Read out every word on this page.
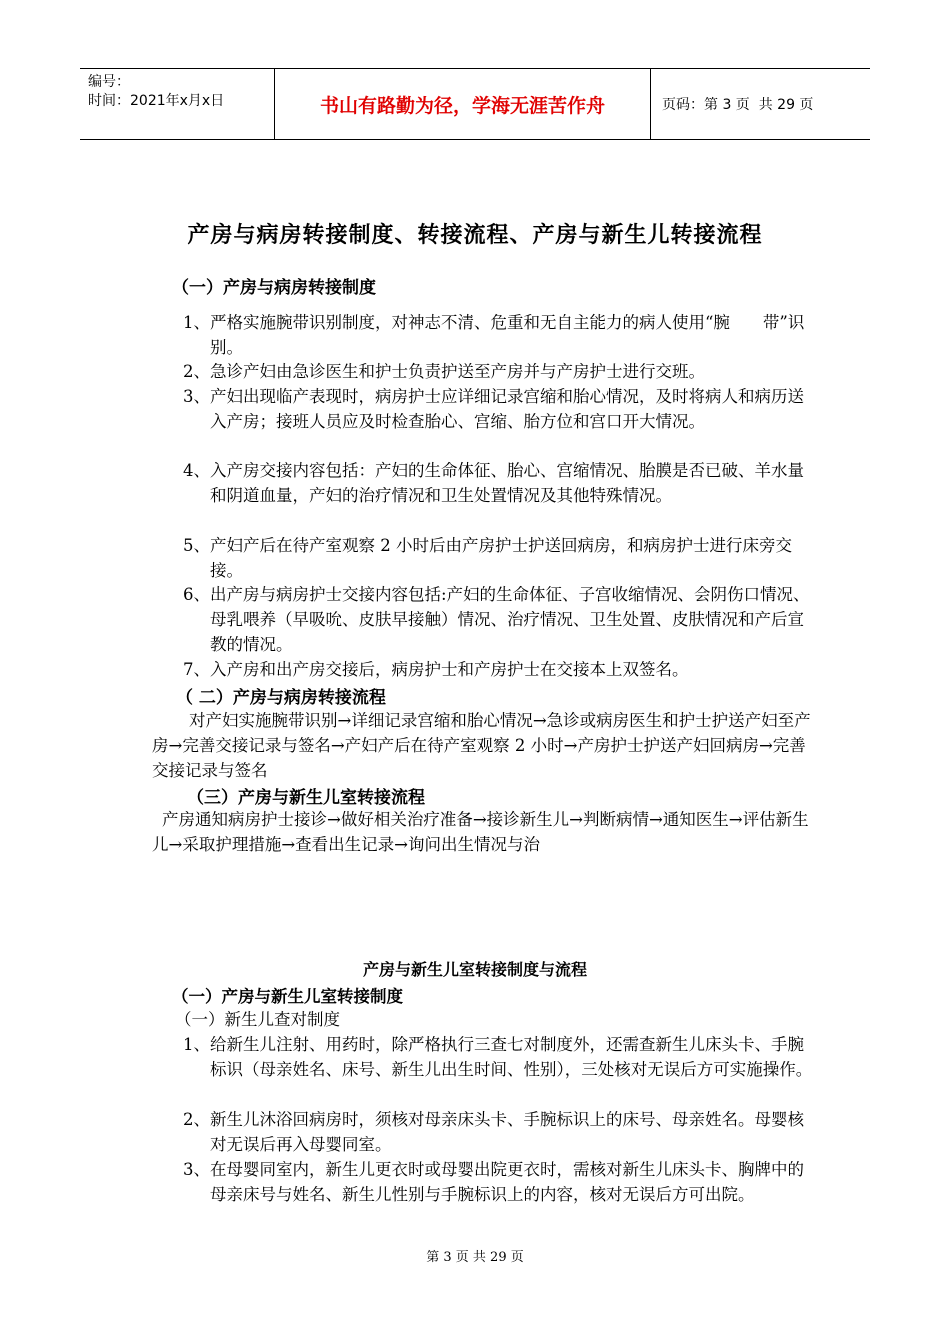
编号：
时间：2021年x月x日	书山有路勤为径，学海无涯苦作舟	页码：第 3 页  共 29 页
产房与病房转接制度、转接流程、产房与新生儿转接流程
（一）产房与病房转接制度
1、严格实施腕带识别制度，对神志不清、危重和无自主能力的病人使用“腕　　带”识别。
2、急诊产妇由急诊医生和护士负责护送至产房并与产房护士进行交班。
3、产妇出现临产表现时，病房护士应详细记录宫缩和胎心情况，及时将病人和病历送入产房；接班人员应及时检查胎心、宫缩、胎方位和宫口开大情况。
4、入产房交接内容包括：产妇的生命体征、胎心、宫缩情况、胎膜是否已破、羊水量和阴道血量，产妇的治疗情况和卫生处置情况及其他特殊情况。
5、产妇产后在待产室观察 2 小时后由产房护士护送回病房，和病房护士进行床旁交接。
6、出产房与病房护士交接内容包括:产妇的生命体征、子宫收缩情况、会阴伤口情况、母乳喂养（早吸吮、皮肤早接触）情况、治疗情况、卫生处置、皮肤情况和产后宣教的情况。
7、入产房和出产房交接后，病房护士和产房护士在交接本上双签名。
（ 二）产房与病房转接流程
对产妇实施腕带识别→详细记录宫缩和胎心情况→急诊或病房医生和护士护送产妇至产房→完善交接记录与签名→产妇产后在待产室观察 2 小时→产房护士护送产妇回病房→完善交接记录与签名
（三）产房与新生儿室转接流程
产房通知病房护士接诊→做好相关治疗准备→接诊新生儿→判断病情→通知医生→评估新生儿→采取护理措施→查看出生记录→询问出生情况与治
产房与新生儿室转接制度与流程
（一）产房与新生儿室转接制度
（一）新生儿查对制度
1、给新生儿注射、用药时，除严格执行三查七对制度外，还需查新生儿床头卡、手腕标识（母亲姓名、床号、新生儿出生时间、性别），三处核对无误后方可实施操作。
2、新生儿沐浴回病房时，须核对母亲床头卡、手腕标识上的床号、母亲姓名。母婴核对无误后再入母婴同室。
3、在母婴同室内，新生儿更衣时或母婴出院更衣时，需核对新生儿床头卡、胸牌中的母亲床号与姓名、新生儿性别与手腕标识上的内容，核对无误后方可出院。
第 3 页 共 29 页
